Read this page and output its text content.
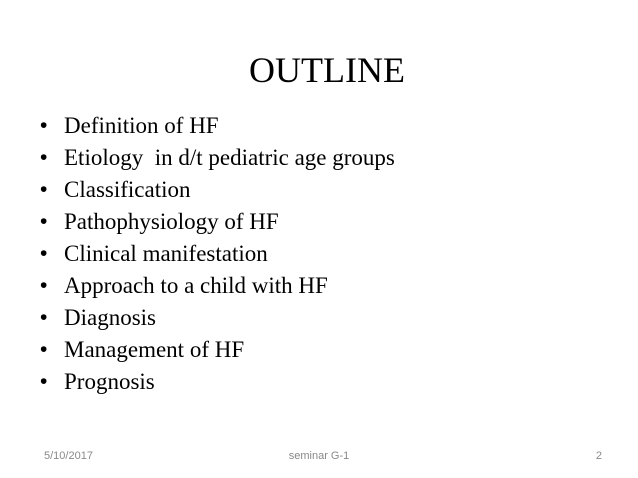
OUTLINE

•

Definition of HF

•

Etiology  in d/t pediatric age groups

•

Classification

•

Pathophysiology of HF

•

Clinical manifestation

•

Approach to a child with HF

•

Diagnosis

•

Management of HF

•

Prognosis

5/10/2017	seminar G-1	2
